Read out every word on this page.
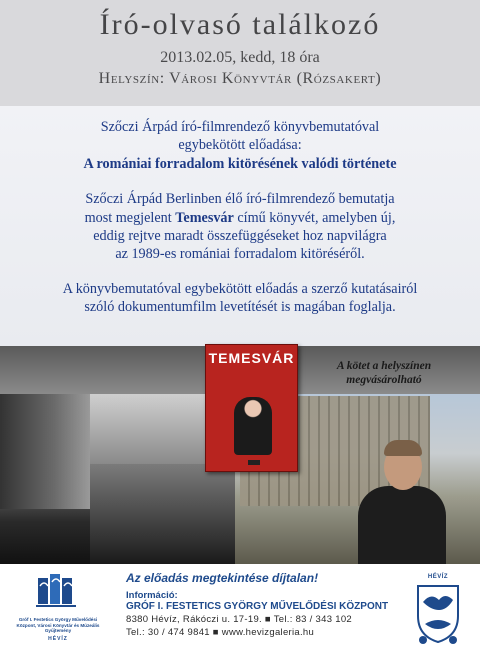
Író-olvasó találkozó
2013.02.05, kedd, 18 óra
Helyszín: Városi Könyvtár (Rózsakert)

Szőczi Árpád író-filmrendező könyvbemutatóval
egybekötött előadása:
A romániai forradalom kitörésének valódi története

Szőczi Árpád Berlinben élő író-filmrendező bemutatja
most megjelent Temesvár című könyvét, amelyben új,
eddig rejtve maradt összefüggéseket hoz napvilágra
az 1989-es romániai forradalom kitöréséről.

A könyvbemutatóval egybekötött előadás a szerző kutatásairól
szóló dokumentumfilm levetítését is magában foglalja.

TEMESVÁR	A kötet a helyszínen
megvásárolható
Gróf I. Festetics György Művelődési Központ, Városi Könyvtár és Múzeális Gyűjtemény
HÉVÍZ
Az előadás megtekintése díjtalan!
Információ:
GRÓF I. FESTETICS GYÖRGY MŰVELŐDÉSI KÖZPONT
8380 Hévíz, Rákóczi u. 17-19. ■ Tel.: 83 / 343 102
Tel.: 30 / 474 9841 ■ www.hevizgaleria.hu
HÉVÍZ
